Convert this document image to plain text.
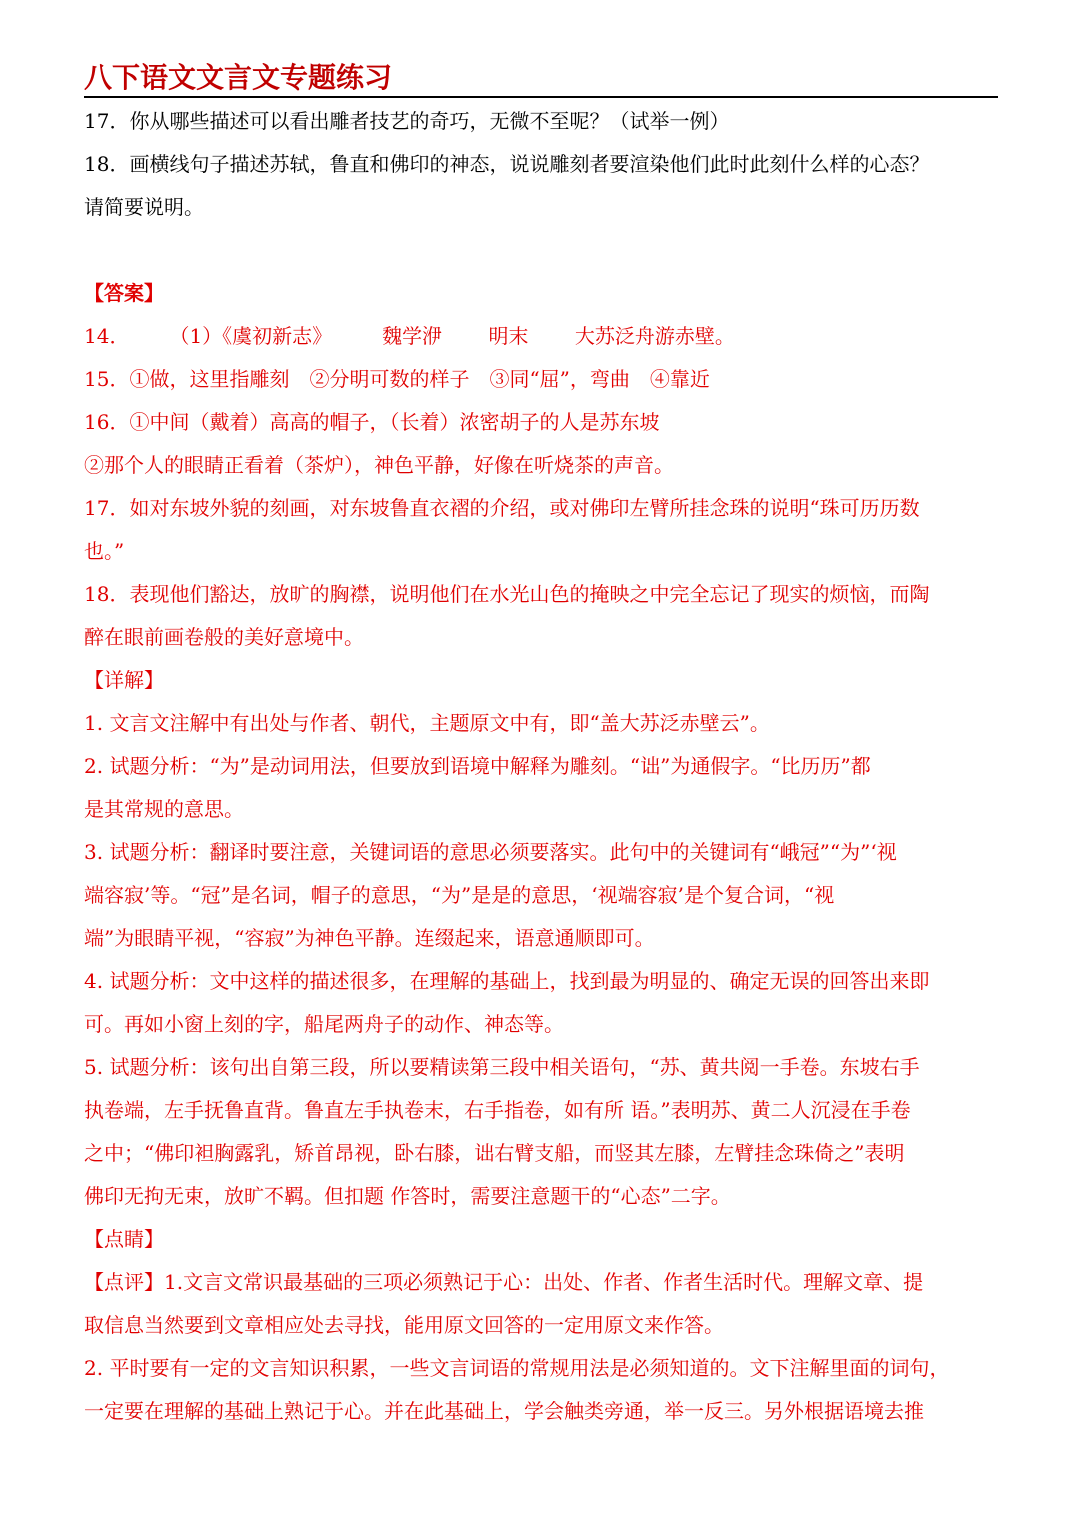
八下语文文言文专题练习
17．你从哪些描述可以看出雕者技艺的奇巧，无微不至呢？（试举一例）
18．画横线句子描述苏轼，鲁直和佛印的神态，说说雕刻者要渲染他们此时此刻什么样的心态？
请简要说明。
【答案】
14．　　　（1）《虞初新志》　　　魏学洢　　 明末　　 大苏泛舟游赤壁。
15．①做，这里指雕刻　②分明可数的样子　③同“屈”，弯曲　④靠近
16．①中间（戴着）高高的帽子，（长着）浓密胡子的人是苏东坡
②那个人的眼睛正看着（茶炉），神色平静，好像在听烧茶的声音。
17．如对东坡外貌的刻画，对东坡鲁直衣褶的介绍，或对佛印左臂所挂念珠的说明“珠可历历数
也。”
18．表现他们豁达，放旷的胸襟，说明他们在水光山色的掩映之中完全忘记了现实的烦恼，而陶
醉在眼前画卷般的美好意境中。
【详解】
1. 文言文注解中有出处与作者、朝代，主题原文中有，即“盖大苏泛赤壁云”。
2. 试题分析：“为”是动词用法，但要放到语境中解释为雕刻。“诎”为通假字。“比历历”都
是其常规的意思。
3. 试题分析：翻译时要注意，关键词语的意思必须要落实。此句中的关键词有“峨冠”“为”‘视
端容寂’等。“冠”是名词，帽子的意思，“为”是是的意思，‘视端容寂’是个复合词，“视
端”为眼睛平视，“容寂”为神色平静。连缀起来，语意通顺即可。
4. 试题分析：文中这样的描述很多，在理解的基础上，找到最为明显的、确定无误的回答出来即
可。再如小窗上刻的字，船尾两舟子的动作、神态等。
5. 试题分析：该句出自第三段，所以要精读第三段中相关语句，“苏、黄共阅一手卷。东坡右手
执卷端，左手抚鲁直背。鲁直左手执卷末，右手指卷，如有所 语。”表明苏、黄二人沉浸在手卷
之中；“佛印袒胸露乳，矫首昂视，卧右膝，诎右臂支船，而竖其左膝，左臂挂念珠倚之”表明
佛印无拘无束，放旷不羁。但扣题 作答时，需要注意题干的“心态”二字。
【点睛】
【点评】1.文言文常识最基础的三项必须熟记于心：出处、作者、作者生活时代。理解文章、提
取信息当然要到文章相应处去寻找，能用原文回答的一定用原文来作答。
2. 平时要有一定的文言知识积累，一些文言词语的常规用法是必须知道的。文下注解里面的词句，
一定要在理解的基础上熟记于心。并在此基础上，学会触类旁通，举一反三。另外根据语境去推
